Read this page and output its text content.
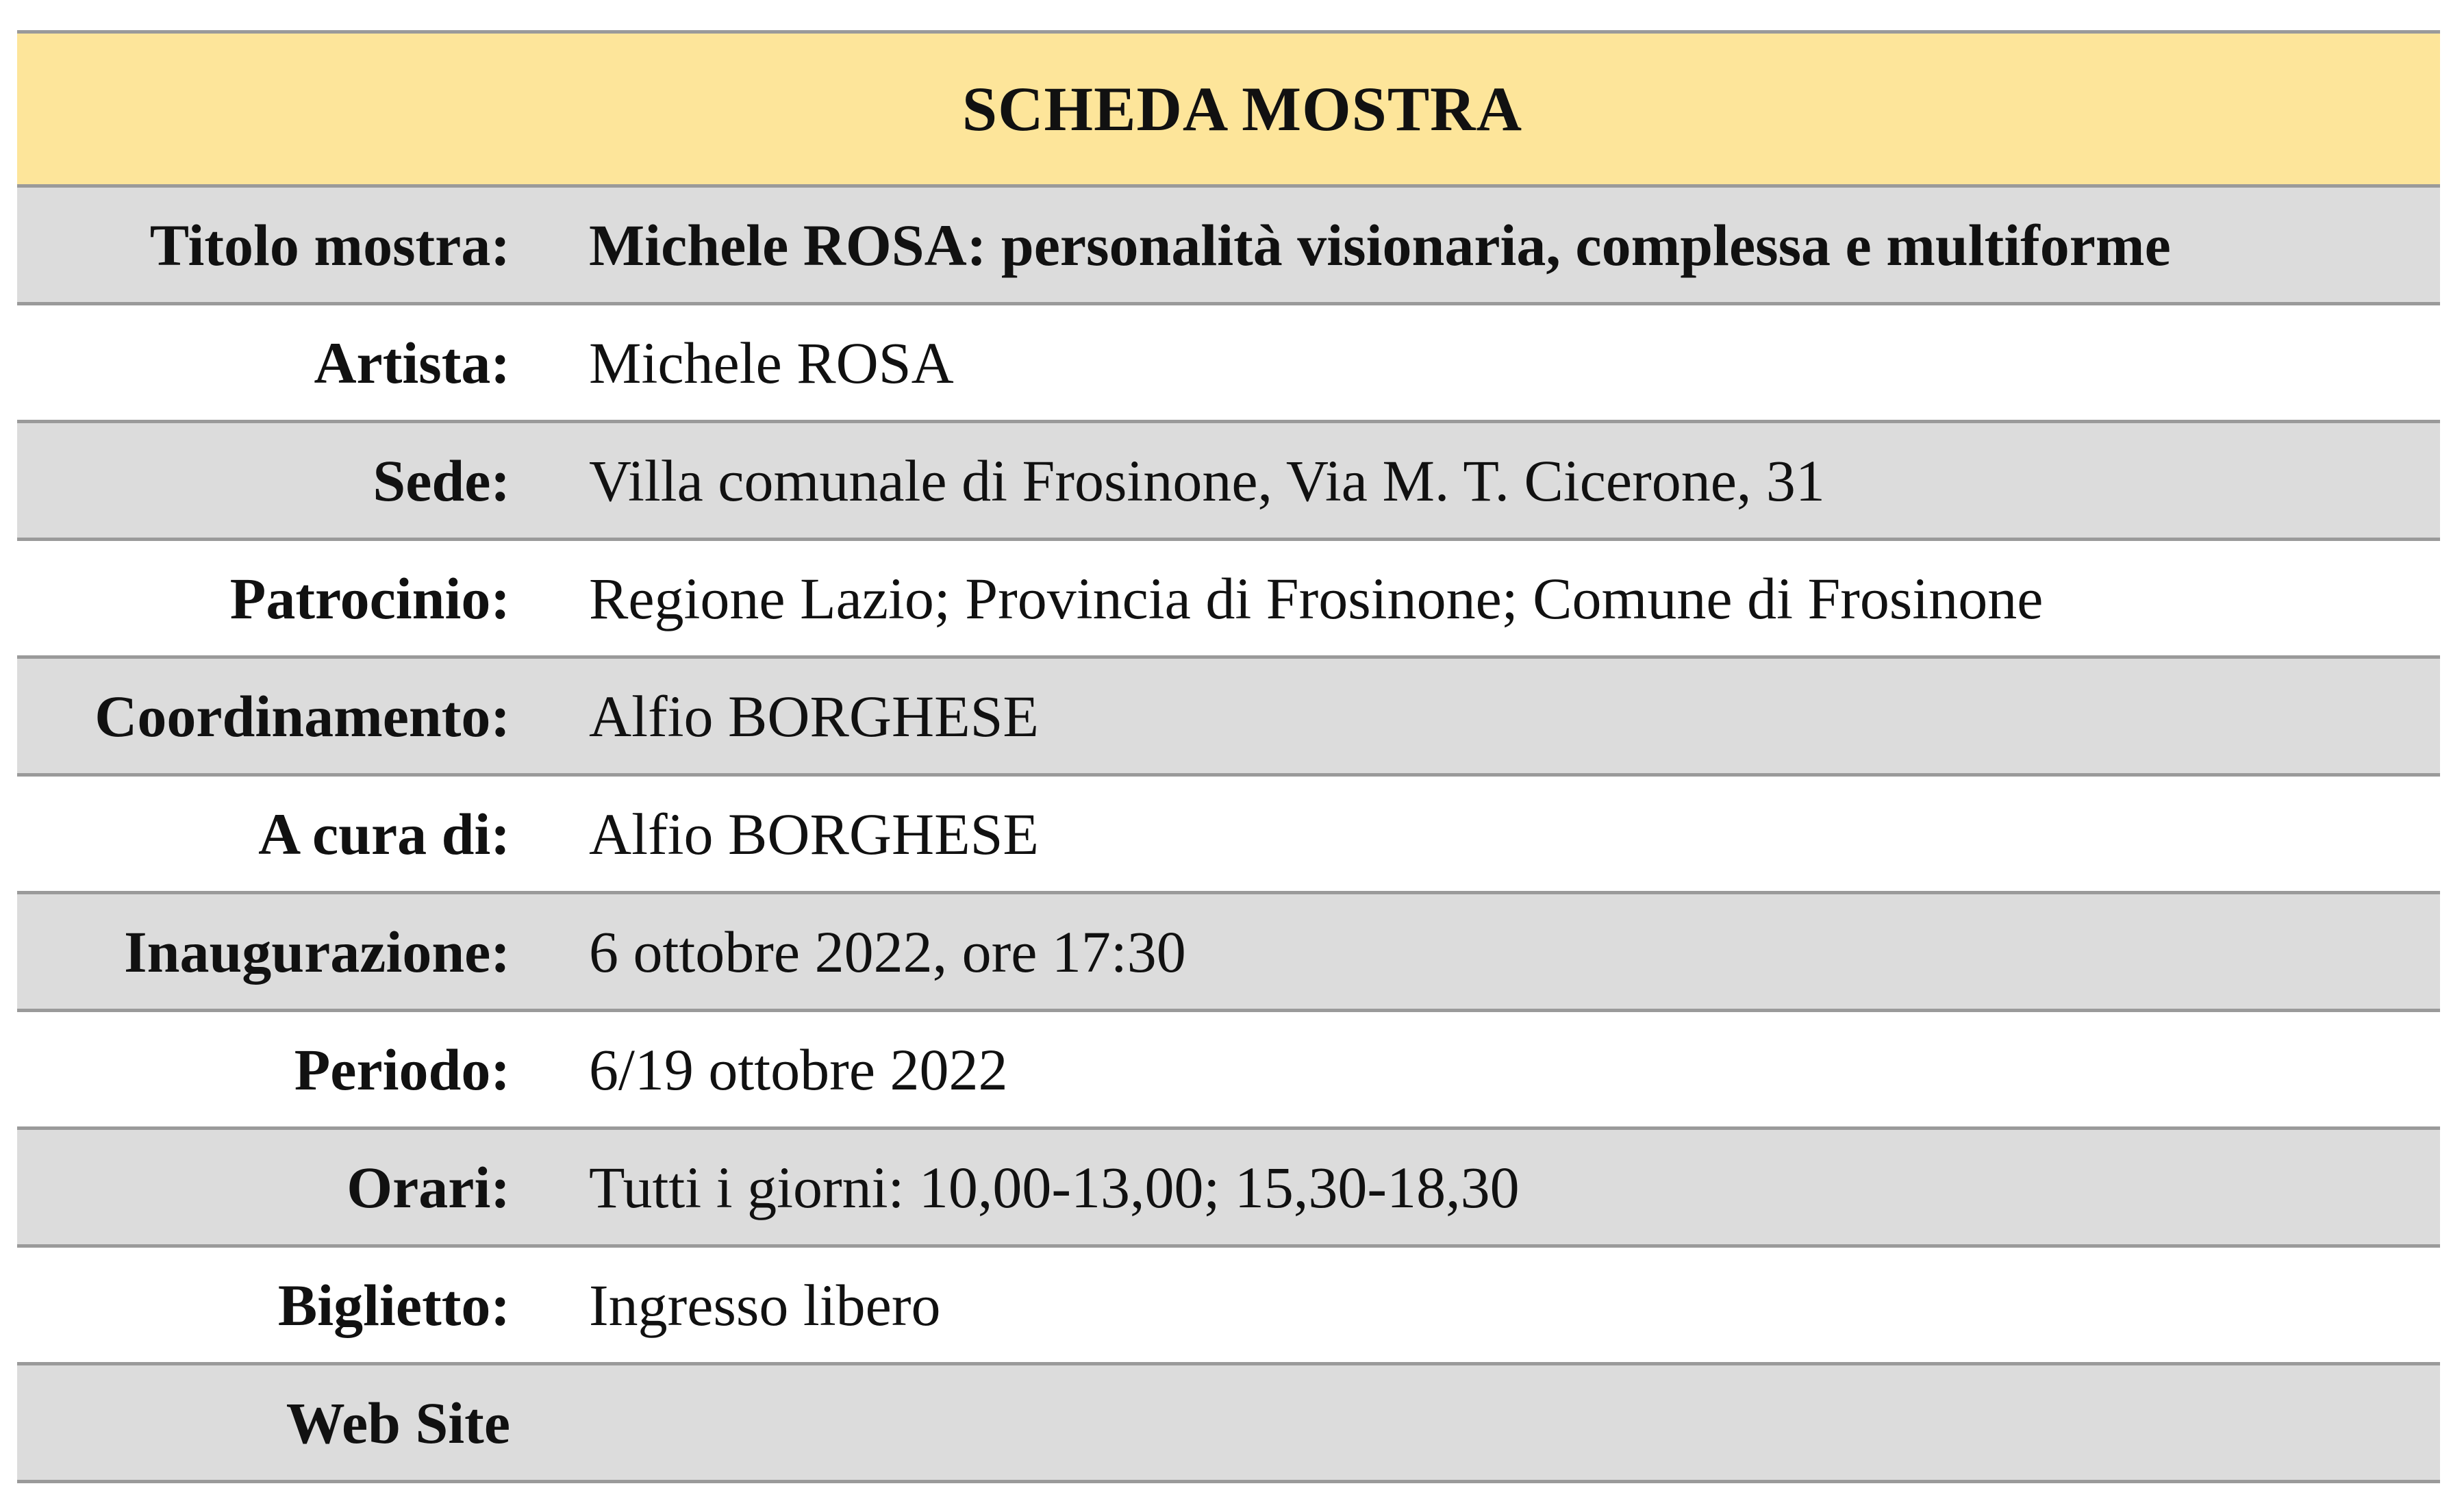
SCHEDA MOSTRA
Titolo mostra:	Michele ROSA: personalità visionaria, complessa e multiforme
Artista:	Michele ROSA
Sede:	Villa comunale di Frosinone, Via M. T. Cicerone, 31
Patrocinio:	Regione Lazio; Provincia di Frosinone; Comune di Frosinone
Coordinamento:	Alfio BORGHESE
A cura di:	Alfio BORGHESE
Inaugurazione:	6 ottobre 2022, ore 17:30
Periodo:	6/19 ottobre 2022
Orari:	Tutti i giorni: 10,00-13,00; 15,30-18,30
Biglietto:	Ingresso libero
Web Site
